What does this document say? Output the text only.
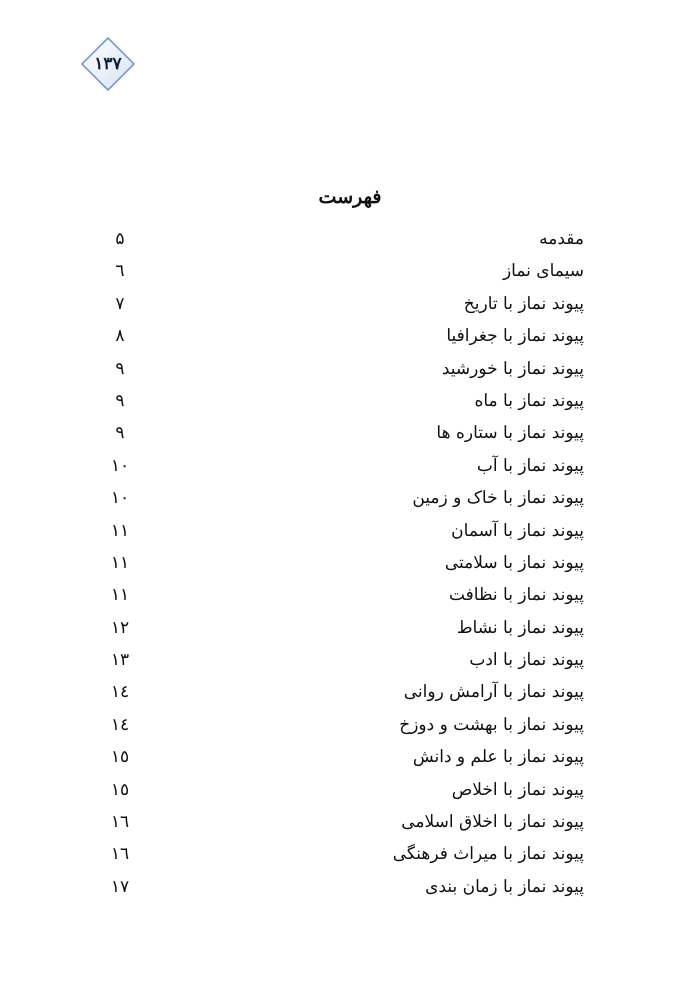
۱۳۷
فهرست
مقدمه
۵
سیمای نماز
٦
پیوند نماز با تاریخ
٧
پیوند نماز با جغرافیا
٨
پیوند نماز با خورشید
٩
پیوند نماز با ماه
٩
پیوند نماز با ستاره ها
٩
پیوند نماز با آب
١٠
پیوند نماز با خاک و زمین
١٠
پیوند نماز با آسمان
١١
پیوند نماز با سلامتی
١١
پیوند نماز با نظافت
١١
پیوند نماز با نشاط
١٢
پیوند نماز با ادب
١٣
پیوند نماز با آرامش روانی
١٤
پیوند نماز با بهشت و دوزخ
١٤
پیوند نماز با علم و دانش
١٥
پیوند نماز با اخلاص
١٥
پیوند نماز با اخلاق اسلامی
١٦
پیوند نماز با میراث فرهنگی
١٦
پیوند نماز با زمان بندی
١٧
